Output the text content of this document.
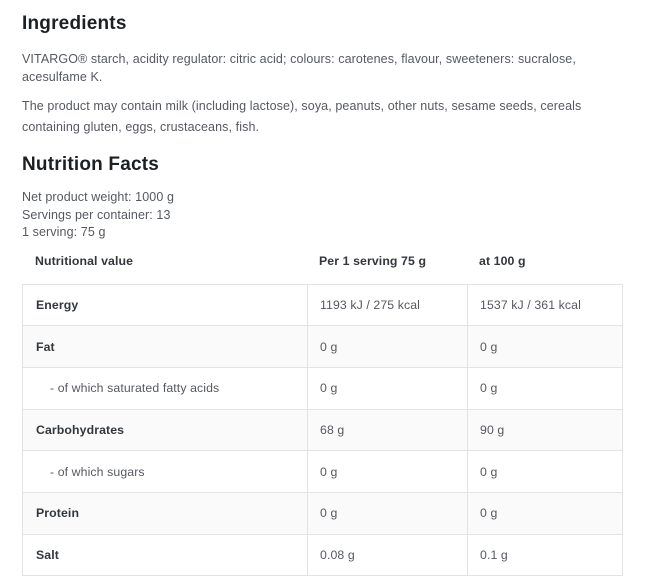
Ingredients

VITARGO® starch, acidity regulator: citric acid; colours: carotenes, flavour, sweeteners: sucralose, acesulfame K.

The product may contain milk (including lactose), soya, peanuts, other nuts, sesame seeds, cereals containing gluten, eggs, crustaceans, fish.

Nutrition Facts
Net product weight: 1000 g
Servings per container: 13
1 serving: 75 g
Nutritional value	Per 1 serving 75 g	at 100 g
Energy	1193 kJ / 275 kcal	1537 kJ / 361 kcal
Fat	0 g	0 g
- of which saturated fatty acids	0 g	0 g
Carbohydrates	68 g	90 g
- of which sugars	0 g	0 g
Protein	0 g	0 g
Salt	0.08 g	0.1 g
